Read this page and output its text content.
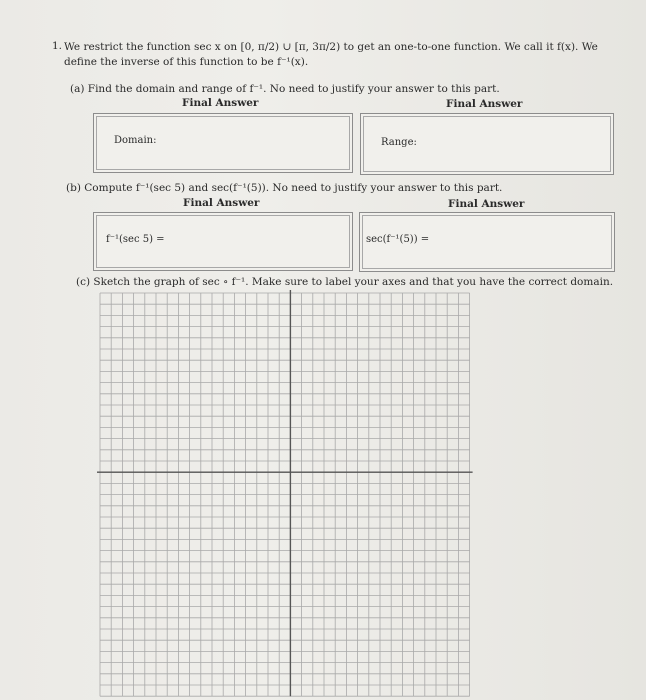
1. We restrict the function sec x on [0, π/2) ∪ [π, 3π/2) to get an one-to-one function. We call it f(x). We
define the inverse of this function to be f⁻¹(x).
(a) Find the domain and range of f⁻¹. No need to justify your answer to this part.
Final Answer	Final Answer
Domain:	Range:
(b) Compute f⁻¹(sec 5) and sec(f⁻¹(5)). No need to justify your answer to this part.
Final Answer	Final Answer
f⁻¹(sec 5) =	sec(f⁻¹(5)) =
(c) Sketch the graph of sec ∘ f⁻¹. Make sure to label your axes and that you have the correct domain.
